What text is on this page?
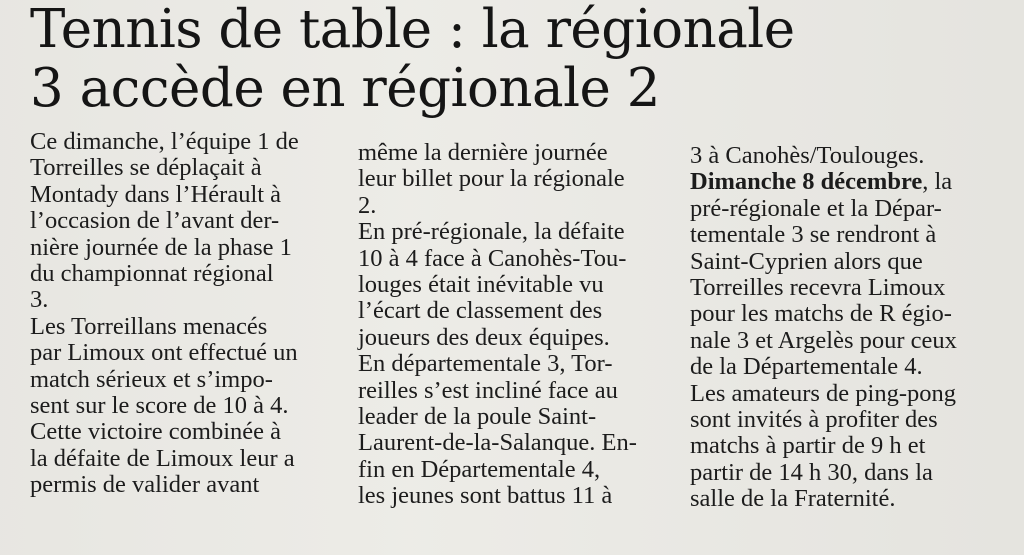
Tennis de table : la régionale
3 accède en régionale 2

Ce dimanche, l’équipe 1 de

Torreilles se déplaçait à

Montady dans l’Hérault à

l’occasion de l’avant der-

nière journée de la phase 1

du championnat régional

3.

Les Torreillans menacés

par Limoux ont effectué un

match sérieux et s’impo-

sent sur le score de 10 à 4.

Cette victoire combinée à

la défaite de Limoux leur a

permis de valider avant

même la dernière journée

leur billet pour la régionale

2.

En pré-régionale, la défaite

10 à 4 face à Canohès-Tou-

louges était inévitable vu

l’écart de classement des

joueurs des deux équipes.

En départementale 3, Tor-

reilles s’est incliné face au

leader de la poule Saint-

Laurent-de-la-Salanque. En-

fin en Départementale 4,

les jeunes sont battus 11 à

3 à Canohès/Toulouges.

Dimanche 8 décembre, la

pré-régionale et la Dépar-

tementale 3 se rendront à

Saint-Cyprien alors que

Torreilles recevra Limoux

pour les matchs de R égio-

nale 3 et Argelès pour ceux

de la Départementale 4.

Les amateurs de ping-pong

sont invités à profiter des

matchs à partir de 9 h et

partir de 14 h 30, dans la

salle de la Fraternité.
